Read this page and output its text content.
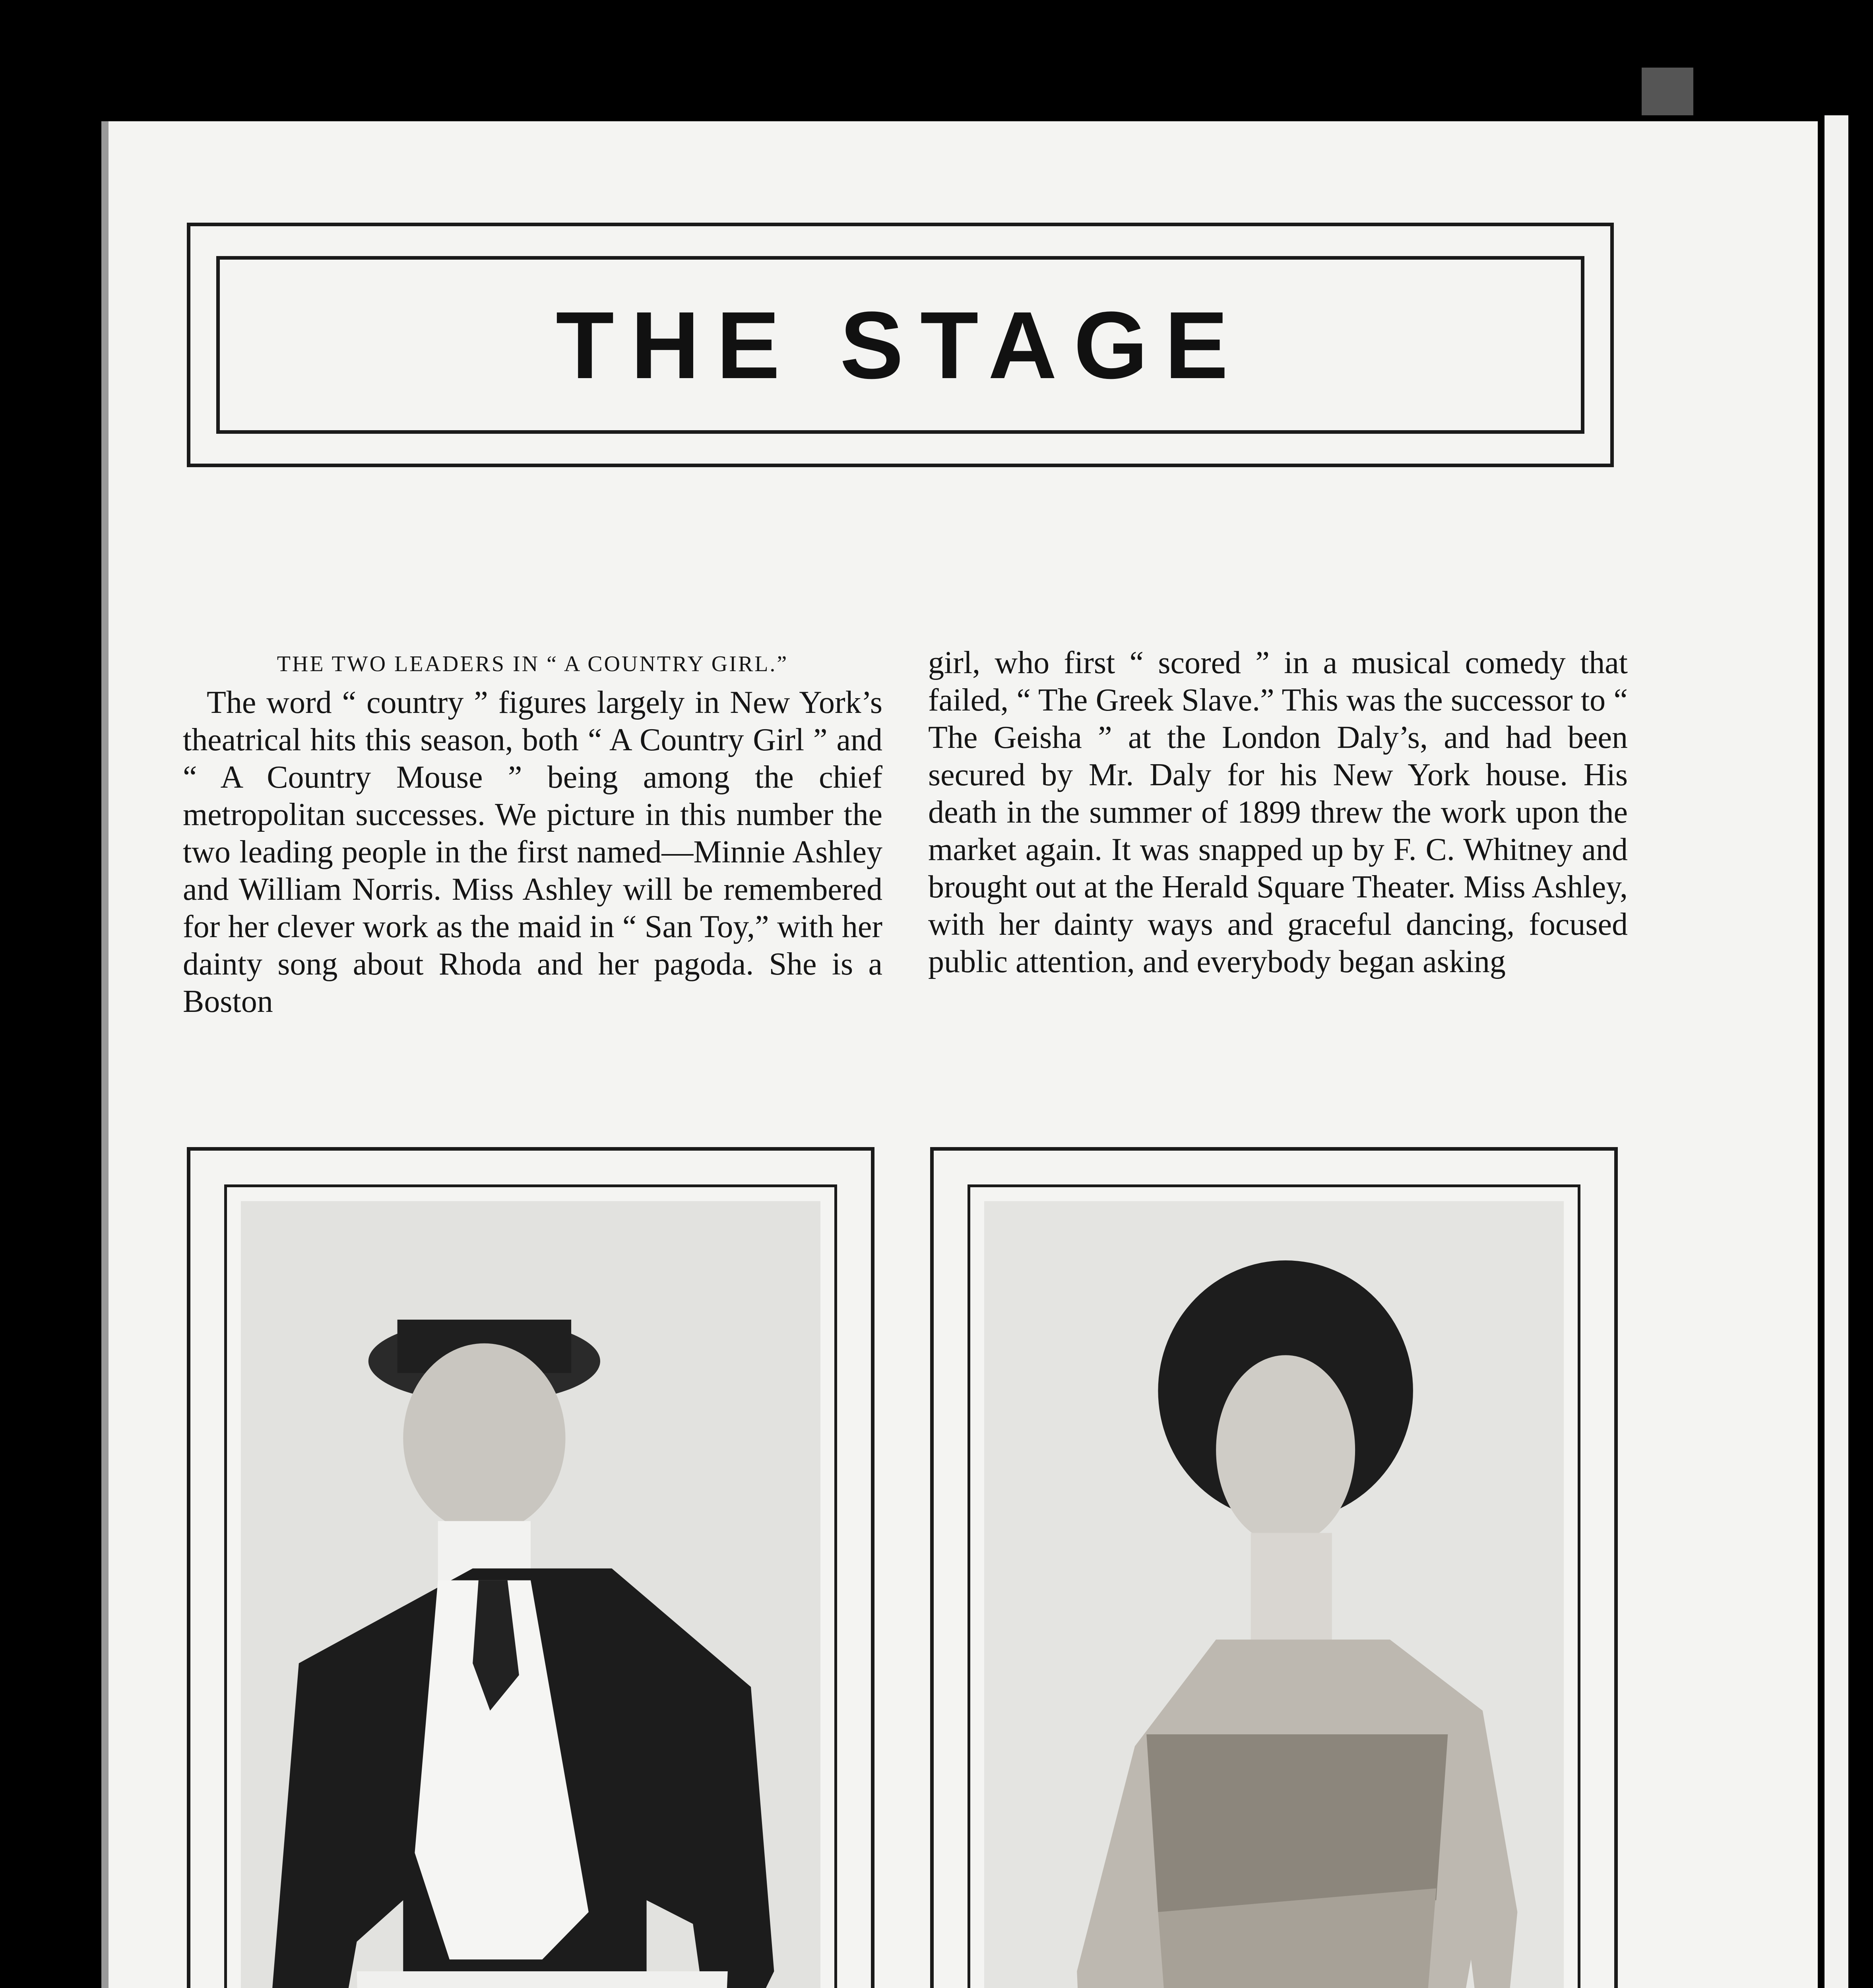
THE STAGE
THE TWO LEADERS IN “ A COUNTRY GIRL.”

The word “ country ” figures largely in New York’s theatrical hits this season, both “ A Country Girl ” and “ A Country Mouse ” being among the chief metropolitan successes. We picture in this number the two leading people in the first named—Minnie Ashley and William Norris. Miss Ashley will be remembered for her clever work as the maid in “ San Toy,” with her dainty song about Rhoda and her pagoda. She is a Boston

girl, who first “ scored ” in a musical comedy that failed, “ The Greek Slave.” This was the successor to “ The Geisha ” at the London Daly’s, and had been secured by Mr. Daly for his New York house. His death in the summer of 1899 threw the work upon the market again. It was snapped up by F. C. Whitney and brought out at the Herald Square Theater. Miss Ashley, with her dainty ways and graceful dancing, focused public attention, and everybody began asking
